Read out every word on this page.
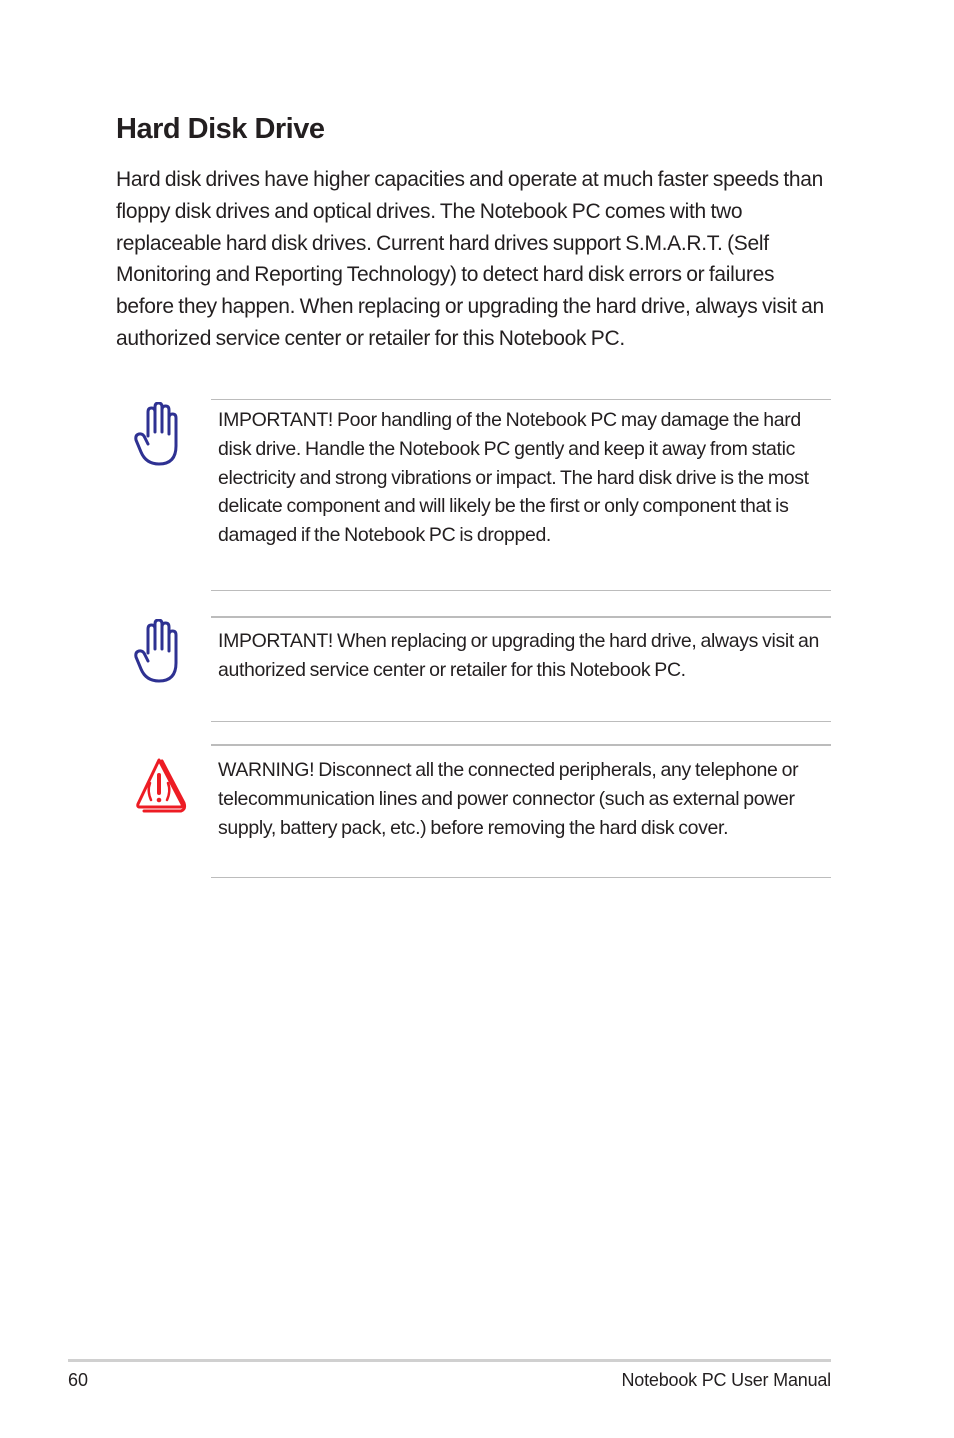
Hard Disk Drive

Hard disk drives have higher capacities and operate at much faster speeds than floppy disk drives and optical drives. The Notebook PC comes with two replaceable hard disk drives. Current hard drives support S.M.A.R.T. (Self Monitoring and Reporting Technology) to detect hard disk errors or failures before they happen. When replacing or upgrading the hard drive, always visit an authorized service center or retailer for this Notebook PC.

IMPORTANT! Poor handling of the Notebook PC may damage the hard disk drive. Handle the Notebook PC gently and keep it away from static electricity and strong vibrations or impact. The hard disk drive is the most delicate component and will likely be the first or only component that is damaged if the Notebook PC is dropped.

IMPORTANT! When replacing or upgrading the hard drive, always visit an authorized service center or retailer for this Notebook PC.

WARNING! Disconnect all the connected peripherals, any telephone or telecommunication lines and power connector (such as external power supply, battery pack, etc.) before removing the hard disk cover.

60	Notebook PC User Manual
